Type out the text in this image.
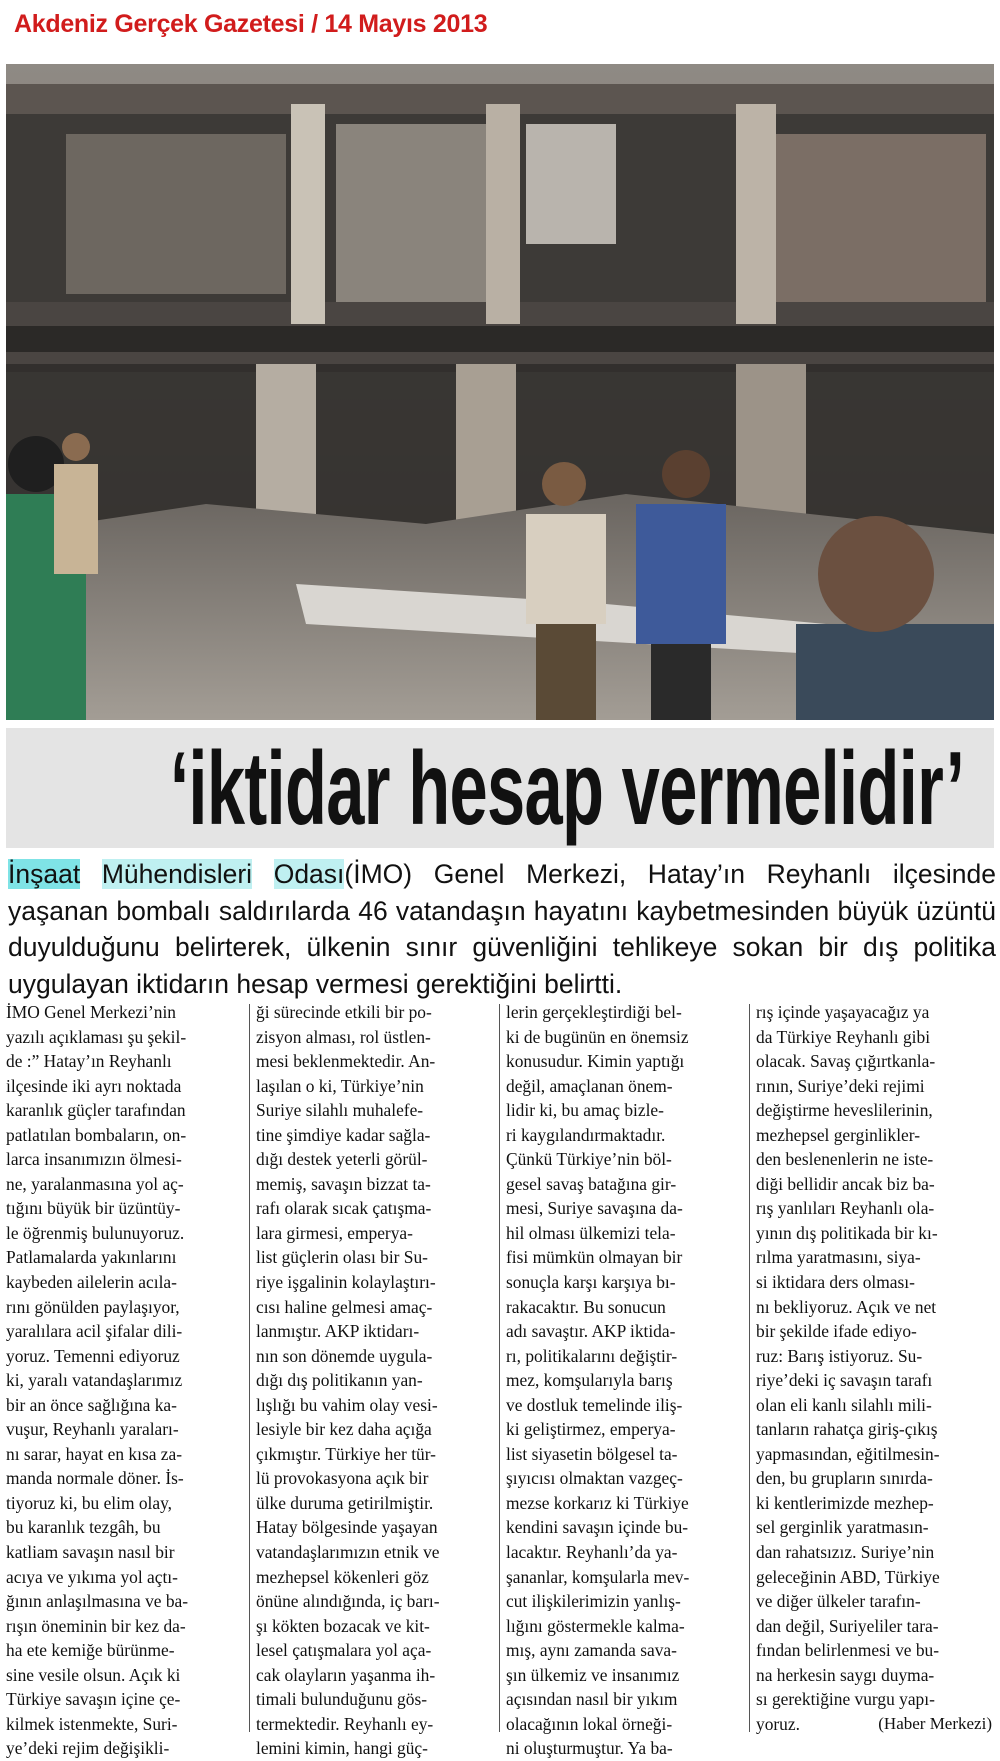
Akdeniz Gerçek Gazetesi / 14 Mayıs 2013
‘iktidar hesap vermelidir’
İnşaat Mühendisleri Odası(İMO) Genel Merkezi, Hatay’ın Reyhanlı ilçesinde yaşanan bombalı saldırılarda 46 vatandaşın hayatını kaybetmesinden büyük üzüntü duyulduğunu belirterek, ülkenin sınır güvenliğini tehlikeye sokan bir dış politika uygulayan iktidarın hesap vermesi gerektiğini belirtti.
İMO Genel Merkezi’nin
yazılı açıklaması şu şekil-
de :” Hatay’ın Reyhanlı
ilçesinde iki ayrı noktada
karanlık güçler tarafından
patlatılan bombaların, on-
larca insanımızın ölmesi-
ne, yaralanmasına yol aç-
tığını büyük bir üzüntüy-
le öğrenmiş bulunuyoruz.
Patlamalarda yakınlarını
kaybeden ailelerin acıla-
rını gönülden paylaşıyor,
yaralılara acil şifalar dili-
yoruz. Temenni ediyoruz
ki, yaralı vatandaşlarımız
bir an önce sağlığına ka-
vuşur, Reyhanlı yaraları-
nı sarar, hayat en kısa za-
manda normale döner. İs-
tiyoruz ki, bu elim olay,
bu karanlık tezgâh, bu
katliam savaşın nasıl bir
acıya ve yıkıma yol açtı-
ğının anlaşılmasına ve ba-
rışın öneminin bir kez da-
ha ete kemiğe bürünme-
sine vesile olsun. Açık ki
Türkiye savaşın içine çe-
kilmek istenmekte, Suri-
ye’deki rejim değişikli-
ği sürecinde etkili bir po-
zisyon alması, rol üstlen-
mesi beklenmektedir. An-
laşılan o ki, Türkiye’nin
Suriye silahlı muhalefe-
tine şimdiye kadar sağla-
dığı destek yeterli görül-
memiş, savaşın bizzat ta-
rafı olarak sıcak çatışma-
lara girmesi, emperya-
list güçlerin olası bir Su-
riye işgalinin kolaylaştırı-
cısı haline gelmesi amaç-
lanmıştır. AKP iktidarı-
nın son dönemde uygula-
dığı dış politikanın yan-
lışlığı bu vahim olay vesi-
lesiyle bir kez daha açığa
çıkmıştır. Türkiye her tür-
lü provokasyona açık bir
ülke duruma getirilmiştir.
Hatay bölgesinde yaşayan
vatandaşlarımızın etnik ve
mezhepsel kökenleri göz
önüne alındığında, iç barı-
şı kökten bozacak ve kit-
lesel çatışmalara yol aça-
cak olayların yaşanma ih-
timali bulunduğunu gös-
termektedir. Reyhanlı ey-
lemini kimin, hangi güç-
lerin gerçekleştirdiği bel-
ki de bugünün en önemsiz
konusudur. Kimin yaptığı
değil, amaçlanan önem-
lidir ki, bu amaç bizle-
ri kaygılandırmaktadır.
Çünkü Türkiye’nin böl-
gesel savaş batağına gir-
mesi, Suriye savaşına da-
hil olması ülkemizi tela-
fisi mümkün olmayan bir
sonuçla karşı karşıya bı-
rakacaktır. Bu sonucun
adı savaştır. AKP iktida-
rı, politikalarını değiştir-
mez, komşularıyla barış
ve dostluk temelinde iliş-
ki geliştirmez, emperya-
list siyasetin bölgesel ta-
şıyıcısı olmaktan vazgeç-
mezse korkarız ki Türkiye
kendini savaşın içinde bu-
lacaktır. Reyhanlı’da ya-
şananlar, komşularla mev-
cut ilişkilerimizin yanlış-
lığını göstermekle kalma-
mış, aynı zamanda sava-
şın ülkemiz ve insanımız
açısından nasıl bir yıkım
olacağının lokal örneği-
ni oluşturmuştur. Ya ba-
rış içinde yaşayacağız ya
da Türkiye Reyhanlı gibi
olacak. Savaş çığırtkanla-
rının, Suriye’deki rejimi
değiştirme heveslilerinin,
mezhepsel gerginlikler-
den beslenenlerin ne iste-
diği bellidir ancak biz ba-
rış yanlıları Reyhanlı ola-
yının dış politikada bir kı-
rılma yaratmasını, siya-
si iktidara ders olması-
nı bekliyoruz. Açık ve net
bir şekilde ifade ediyo-
ruz: Barış istiyoruz. Su-
riye’deki iç savaşın tarafı
olan eli kanlı silahlı mili-
tanların rahatça giriş-çıkış
yapmasından, eğitilmesin-
den, bu grupların sınırda-
ki kentlerimizde mezhep-
sel gerginlik yaratmasın-
dan rahatsızız. Suriye’nin
geleceğinin ABD, Türkiye
ve diğer ülkeler tarafın-
dan değil, Suriyeliler tara-
fından belirlenmesi ve bu-
na herkesin saygı duyma-
sı gerektiğine vurgu yapı-
yoruz.	(Haber Merkezi)
